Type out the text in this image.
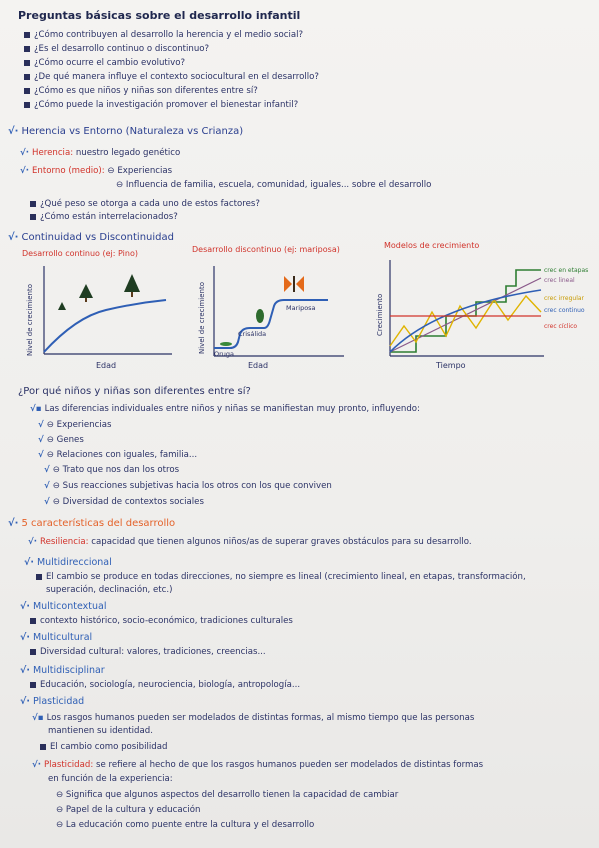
Preguntas básicas sobre el desarrollo infantil
¿Cómo contribuyen al desarrollo la herencia y el medio social?
¿Es el desarrollo continuo o discontinuo?
¿Cómo ocurre el cambio evolutivo?
¿De qué manera influye el contexto sociocultural en el desarrollo?
¿Cómo es que niños y niñas son diferentes entre sí?
¿Cómo puede la investigación promover el bienestar infantil?
√· Herencia vs Entorno (Naturaleza vs Crianza)
√· Herencia: nuestro legado genético
√· Entorno (medio): ⊖ Experiencias
⊖ Influencia de familia, escuela, comunidad, iguales... sobre el desarrollo
¿Qué peso se otorga a cada uno de estos factores?
¿Cómo están interrelacionados?
√· Continuidad vs Discontinuidad
Desarrollo continuo (ej: Pino)
Nivel de crecimiento
Edad
Desarrollo discontinuo (ej: mariposa)
Oruga
Crisálida
Mariposa
Nivel de crecimiento
Edad
Modelos de crecimiento
Crecimiento
Tiempo
crec en etapas
crec lineal
crec irregular
crec continuo
crec cíclico
¿Por qué niños y niñas son diferentes entre sí?
√▪ Las diferencias individuales entre niños y niñas se manifiestan muy pronto, influyendo:
√ ⊖ Experiencias
√ ⊖ Genes
√ ⊖ Relaciones con iguales, familia...
√ ⊖ Trato que nos dan los otros
√ ⊖ Sus reacciones subjetivas hacia los otros con los que conviven
√ ⊖ Diversidad de contextos sociales
√· 5 características del desarrollo
√· Resiliencia: capacidad que tienen algunos niños/as de superar graves obstáculos para su desarrollo.
√· Multidireccional
El cambio se produce en todas direcciones, no siempre es lineal (crecimiento lineal, en etapas, transformación,
superación, declinación, etc.)
√· Multicontextual
contexto histórico, socio-económico, tradiciones culturales
√· Multicultural
Diversidad cultural: valores, tradiciones, creencias...
√· Multidisciplinar
Educación, sociología, neurociencia, biología, antropología...
√· Plasticidad
√▪ Los rasgos humanos pueden ser modelados de distintas formas, al mismo tiempo que las personas
mantienen su identidad.
El cambio como posibilidad
√· Plasticidad: se refiere al hecho de que los rasgos humanos pueden ser modelados de distintas formas
en función de la experiencia:
⊖ Significa que algunos aspectos del desarrollo tienen la capacidad de cambiar
⊖ Papel de la cultura y educación
⊖ La educación como puente entre la cultura y el desarrollo
